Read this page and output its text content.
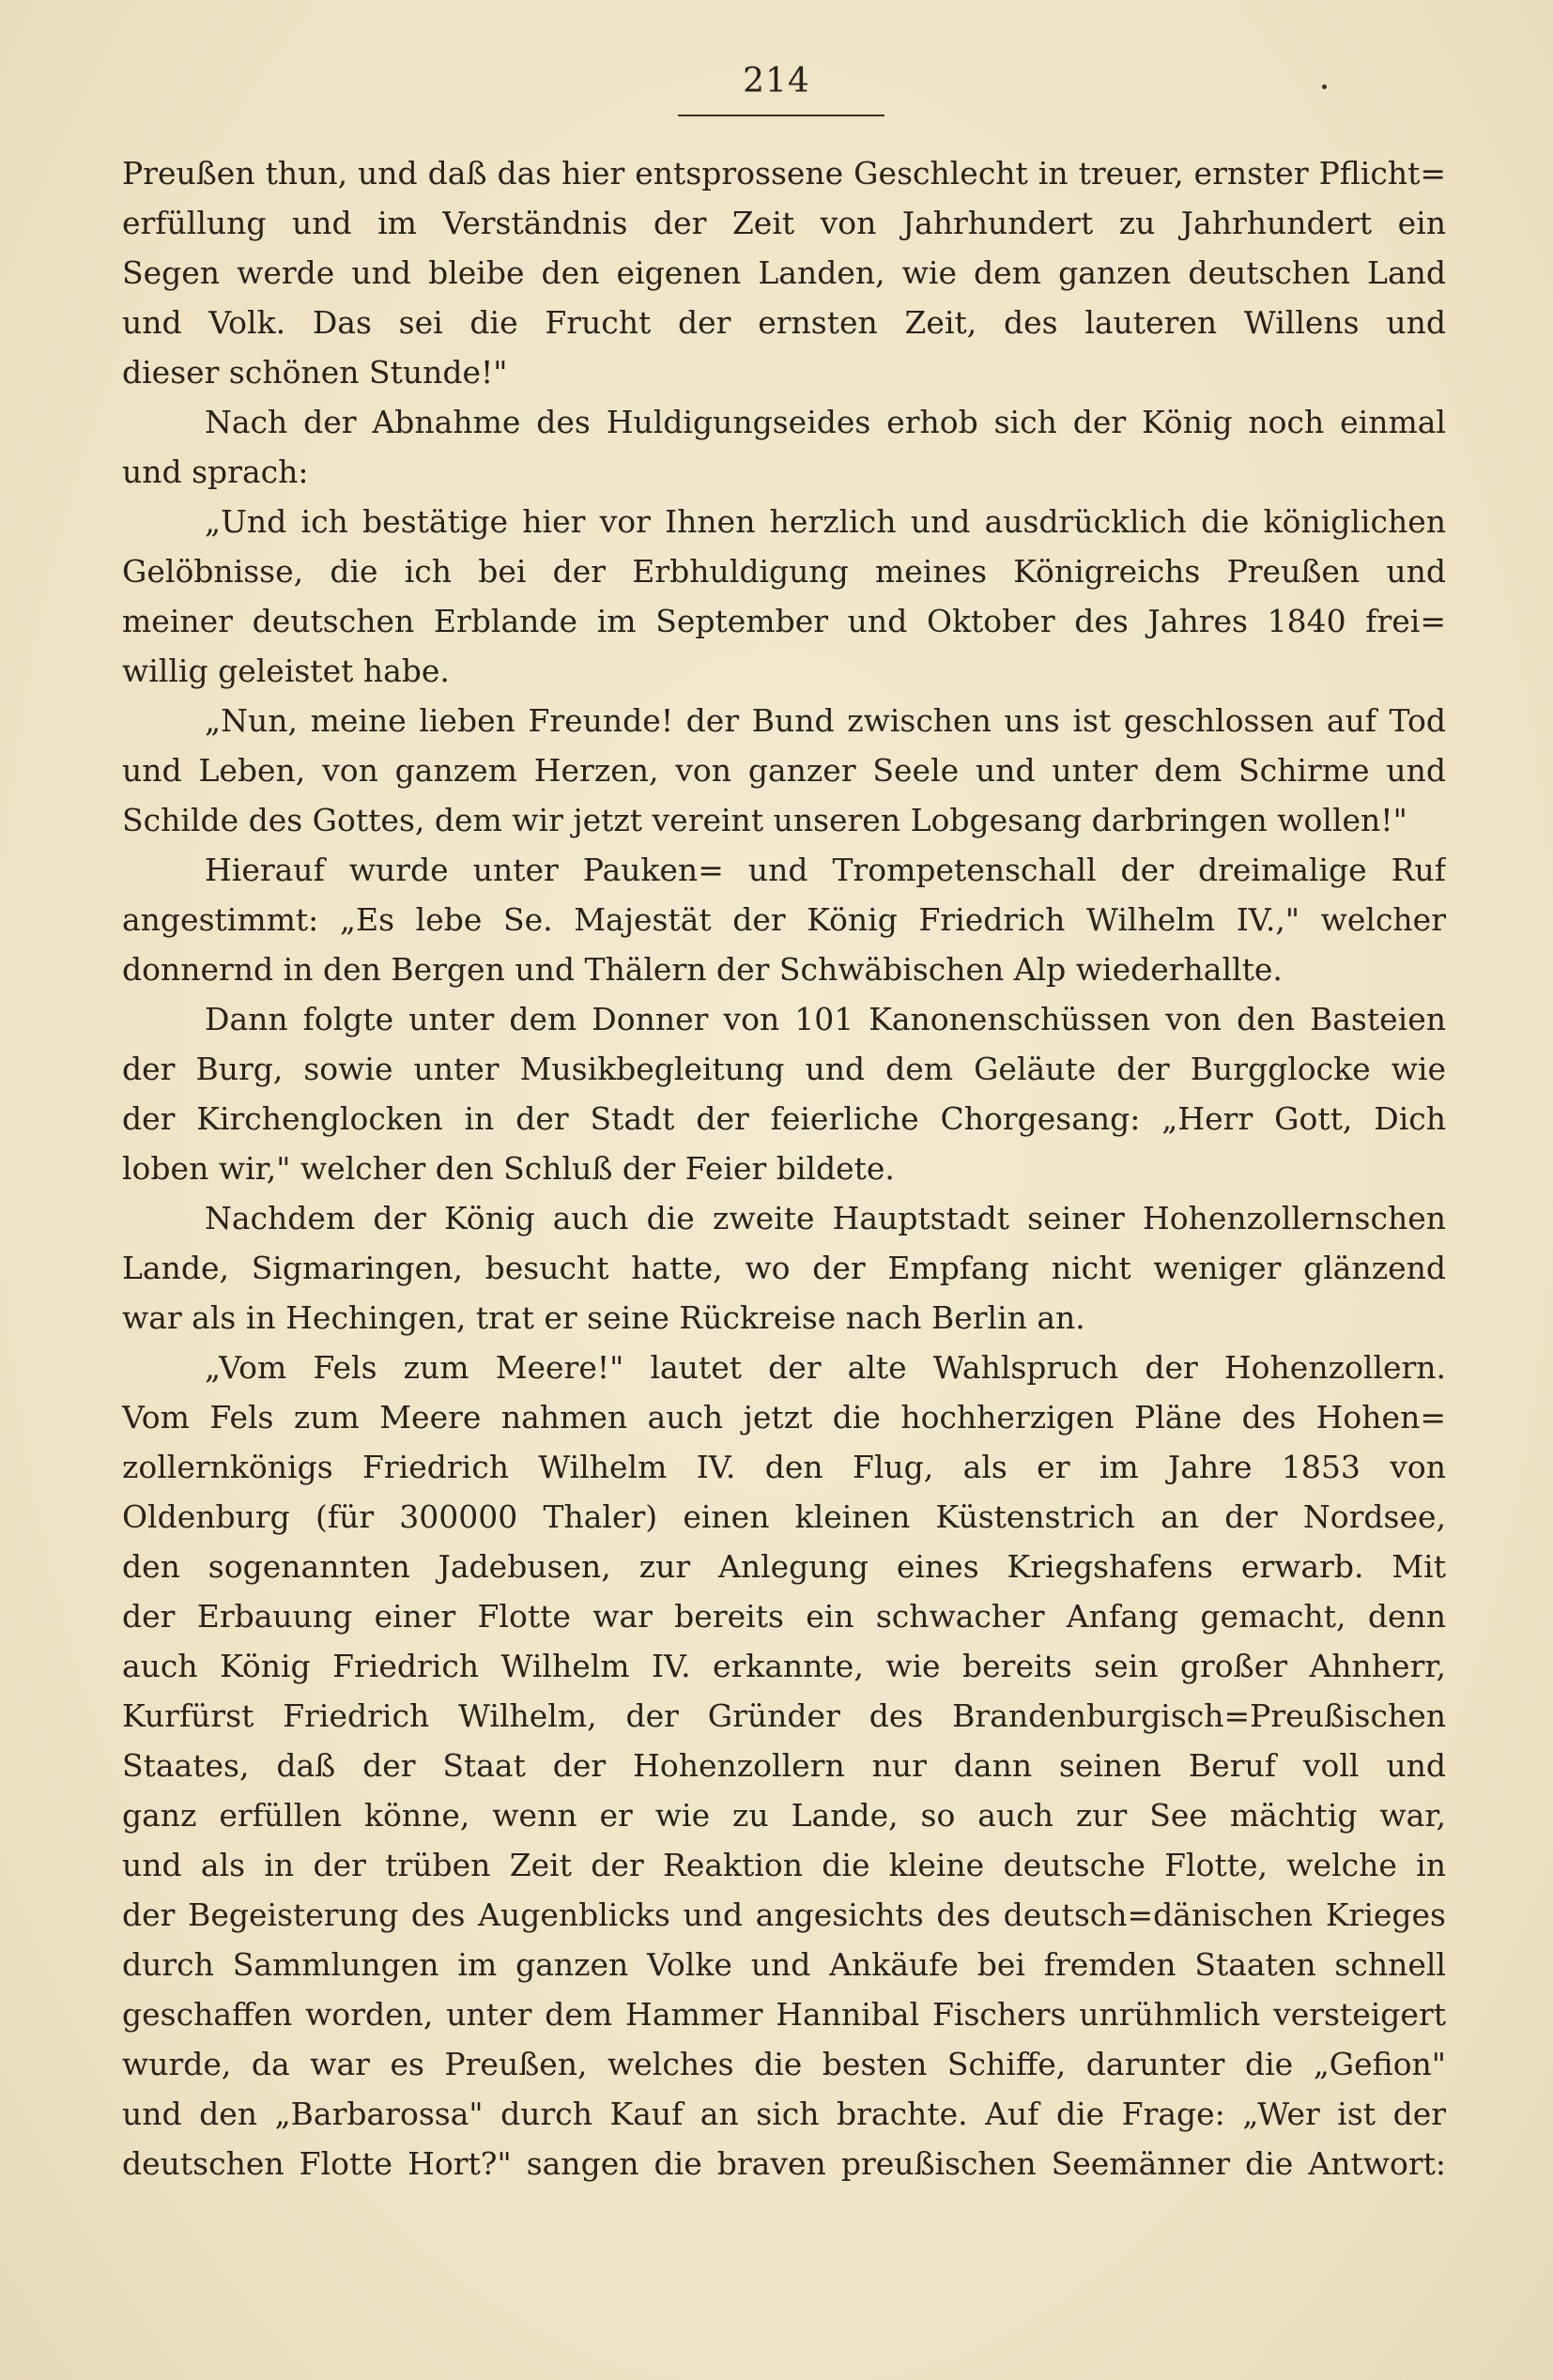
214
Preußen thun, und daß das hier entsprossene Geschlecht in treuer, ernster Pflicht=
erfüllung und im Verständnis der Zeit von Jahrhundert zu Jahrhundert ein
Segen werde und bleibe den eigenen Landen, wie dem ganzen deutschen Land
und Volk. Das sei die Frucht der ernsten Zeit, des lauteren Willens und
dieser schönen Stunde!"
Nach der Abnahme des Huldigungseides erhob sich der König noch einmal
und sprach:
„Und ich bestätige hier vor Ihnen herzlich und ausdrücklich die königlichen
Gelöbnisse, die ich bei der Erbhuldigung meines Königreichs Preußen und
meiner deutschen Erblande im September und Oktober des Jahres 1840 frei=
willig geleistet habe.
„Nun, meine lieben Freunde! der Bund zwischen uns ist geschlossen auf Tod
und Leben, von ganzem Herzen, von ganzer Seele und unter dem Schirme und
Schilde des Gottes, dem wir jetzt vereint unseren Lobgesang darbringen wollen!"
Hierauf wurde unter Pauken= und Trompetenschall der dreimalige Ruf
angestimmt: „Es lebe Se. Majestät der König Friedrich Wilhelm IV.," welcher
donnernd in den Bergen und Thälern der Schwäbischen Alp wiederhallte.
Dann folgte unter dem Donner von 101 Kanonenschüssen von den Basteien
der Burg, sowie unter Musikbegleitung und dem Geläute der Burgglocke wie
der Kirchenglocken in der Stadt der feierliche Chorgesang: „Herr Gott, Dich
loben wir," welcher den Schluß der Feier bildete.
Nachdem der König auch die zweite Hauptstadt seiner Hohenzollernschen
Lande, Sigmaringen, besucht hatte, wo der Empfang nicht weniger glänzend
war als in Hechingen, trat er seine Rückreise nach Berlin an.
„Vom Fels zum Meere!" lautet der alte Wahlspruch der Hohenzollern.
Vom Fels zum Meere nahmen auch jetzt die hochherzigen Pläne des Hohen=
zollernkönigs Friedrich Wilhelm IV. den Flug, als er im Jahre 1853 von
Oldenburg (für 300000 Thaler) einen kleinen Küstenstrich an der Nordsee,
den sogenannten Jadebusen, zur Anlegung eines Kriegshafens erwarb. Mit
der Erbauung einer Flotte war bereits ein schwacher Anfang gemacht, denn
auch König Friedrich Wilhelm IV. erkannte, wie bereits sein großer Ahnherr,
Kurfürst Friedrich Wilhelm, der Gründer des Brandenburgisch=Preußischen
Staates, daß der Staat der Hohenzollern nur dann seinen Beruf voll und
ganz erfüllen könne, wenn er wie zu Lande, so auch zur See mächtig war,
und als in der trüben Zeit der Reaktion die kleine deutsche Flotte, welche in
der Begeisterung des Augenblicks und angesichts des deutsch=dänischen Krieges
durch Sammlungen im ganzen Volke und Ankäufe bei fremden Staaten schnell
geschaffen worden, unter dem Hammer Hannibal Fischers unrühmlich versteigert
wurde, da war es Preußen, welches die besten Schiffe, darunter die „Gefion"
und den „Barbarossa" durch Kauf an sich brachte. Auf die Frage: „Wer ist der
deutschen Flotte Hort?" sangen die braven preußischen Seemänner die Antwort:
